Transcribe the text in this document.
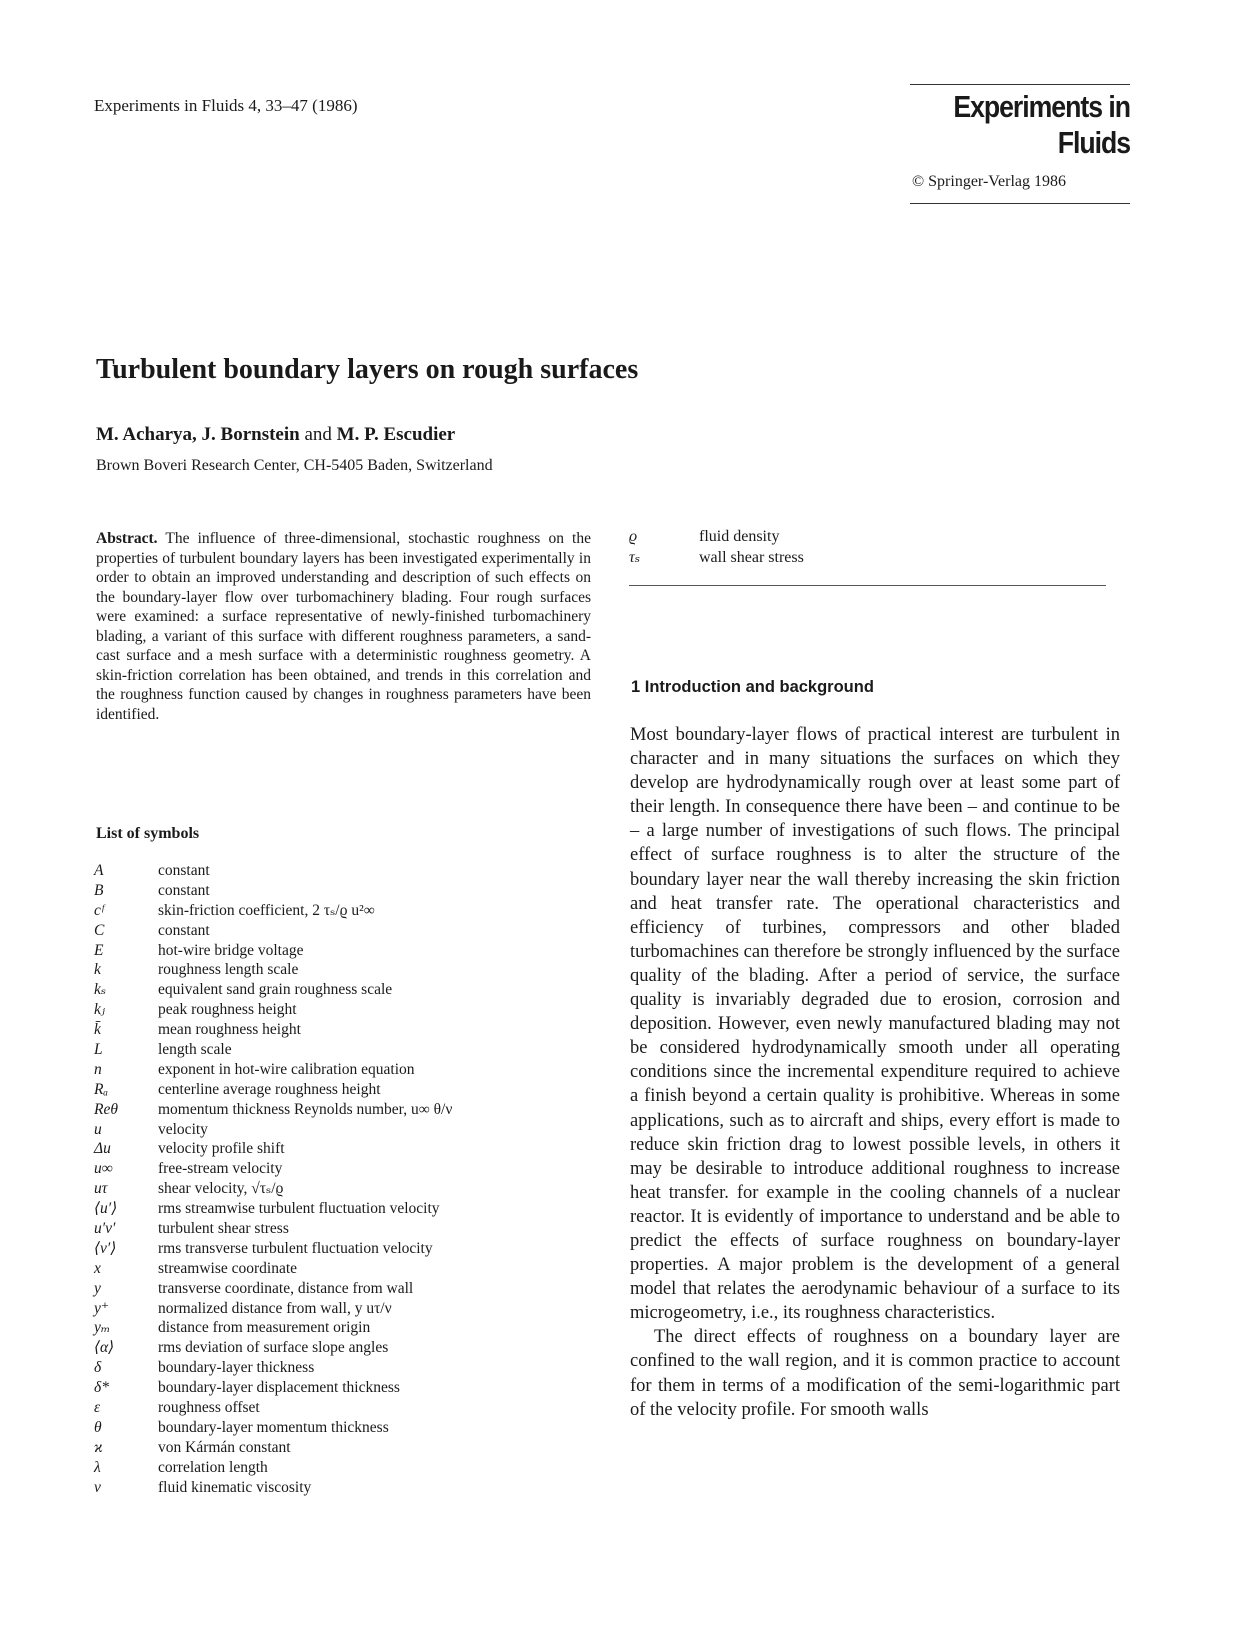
Experiments in Fluids 4, 33–47 (1986)	Experiments in Fluids
© Springer-Verlag 1986
Turbulent boundary layers on rough surfaces
M. Acharya, J. Bornstein and M. P. Escudier
Brown Boveri Research Center, CH-5405 Baden, Switzerland
Abstract. The influence of three-dimensional, stochastic roughness on the properties of turbulent boundary layers has been investigated experimentally in order to obtain an improved understanding and description of such effects on the boundary-layer flow over turbomachinery blading. Four rough surfaces were examined: a surface representative of newly-finished turbomachinery blading, a variant of this surface with different roughness parameters, a sand-cast surface and a mesh surface with a deterministic roughness geometry. A skin-friction correlation has been obtained, and trends in this correlation and the roughness function caused by changes in roughness parameters have been identified.
List of symbols
A	constant
B	constant
cᶠ	skin-friction coefficient, 2 τₛ/ϱ u²∞
C	constant
E	hot-wire bridge voltage
k	roughness length scale
kₛ	equivalent sand grain roughness scale
kⱼ	peak roughness height
k̄	mean roughness height
L	length scale
n	exponent in hot-wire calibration equation
Rₐ	centerline average roughness height
Reθ	momentum thickness Reynolds number, u∞ θ/ν
u	velocity
Δu	velocity profile shift
u∞	free-stream velocity
uτ	shear velocity, √τₛ/ϱ
⟨u′⟩	rms streamwise turbulent fluctuation velocity
u′v′	turbulent shear stress
⟨v′⟩	rms transverse turbulent fluctuation velocity
x	streamwise coordinate
y	transverse coordinate, distance from wall
y⁺	normalized distance from wall, y uτ/ν
yₘ	distance from measurement origin
⟨α⟩	rms deviation of surface slope angles
δ	boundary-layer thickness
δ*	boundary-layer displacement thickness
ε	roughness offset
θ	boundary-layer momentum thickness
ϰ	von Kármán constant
λ	correlation length
ν	fluid kinematic viscosity
ϱ	fluid density
τₛ	wall shear stress
1 Introduction and background

Most boundary-layer flows of practical interest are turbulent in character and in many situations the surfaces on which they develop are hydrodynamically rough over at least some part of their length. In consequence there have been – and continue to be – a large number of investigations of such flows. The principal effect of surface roughness is to alter the structure of the boundary layer near the wall thereby increasing the skin friction and heat transfer rate. The operational characteristics and efficiency of turbines, compressors and other bladed turbomachines can therefore be strongly influenced by the surface quality of the blading. After a period of service, the surface quality is invariably degraded due to erosion, corrosion and deposition. However, even newly manufactured blading may not be considered hydrodynamically smooth under all operating conditions since the incremental expenditure required to achieve a finish beyond a certain quality is prohibitive. Whereas in some applications, such as to aircraft and ships, every effort is made to reduce skin friction drag to lowest possible levels, in others it may be desirable to introduce additional roughness to increase heat transfer. for example in the cooling channels of a nuclear reactor. It is evidently of importance to understand and be able to predict the effects of surface roughness on boundary-layer properties. A major problem is the development of a general model that relates the aerodynamic behaviour of a surface to its microgeometry, i.e., its roughness characteristics.

The direct effects of roughness on a boundary layer are confined to the wall region, and it is common practice to account for them in terms of a modification of the semi-logarithmic part of the velocity profile. For smooth walls
